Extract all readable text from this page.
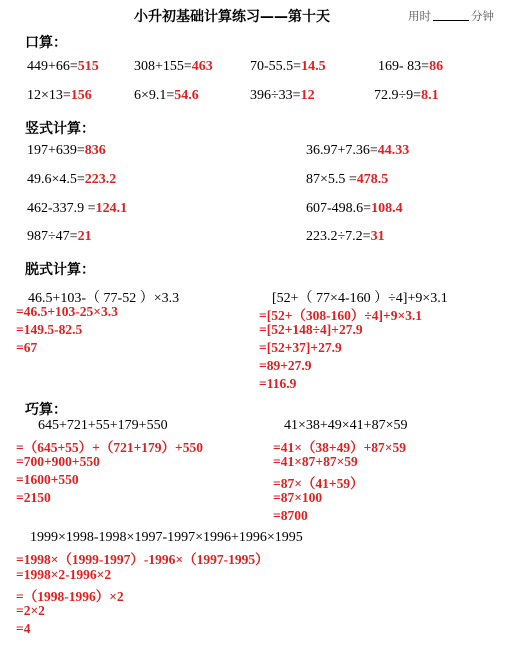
小升初基础计算练习——第十天	用时	分钟
口算：
449+66=515	308+155=463	70-55.5=14.5	169- 83=86
12×13=156	6×9.1=54.6	396÷33=12	72.9÷9=8.1
竖式计算：
197+639=836	36.97+7.36=44.33
49.6×4.5=223.2	87×5.5 =478.5
462-337.9 =124.1	607-498.6=108.4
987÷47=21	223.2÷7.2=31
脱式计算：
46.5+103-（ 77-52 ）×3.3
=46.5+103-25×3.3
=149.5-82.5
=67
[52+（ 77×4-160 ）÷4]+9×3.1
=[52+（308-160）÷4]+9×3.1
=[52+148÷4]+27.9
=[52+37]+27.9
=89+27.9
=116.9
巧算：
645+721+55+179+550
=（645+55）+（721+179）+550
=700+900+550
=1600+550
=2150
41×38+49×41+87×59
=41×（38+49）+87×59
=41×87+87×59
=87×（41+59）
=87×100
=8700
1999×1998-1998×1997-1997×1996+1996×1995
=1998×（1999-1997）-1996×（1997-1995）
=1998×2-1996×2
=（1998-1996）×2
=2×2
=4
